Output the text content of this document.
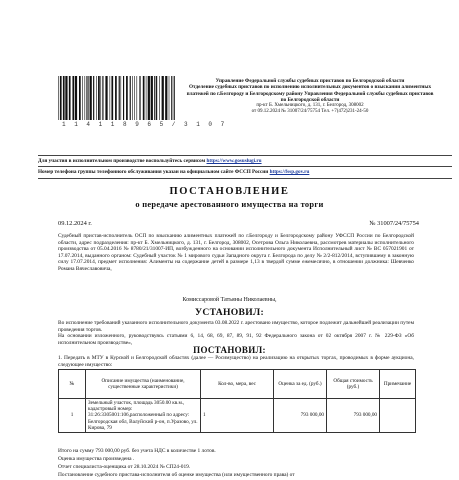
1 1 4 1 1 8 9 6 5 / 3 1 0 7
Управление Федеральной службы судебных приставов по Белгородской области
Отделение судебных приставов по исполнению исполнительных документов о взыскании алиментных платежей по г.Белгороду и Белгородскому району Управления Федеральной службы судебных приставов по Белгородской области
пр-кт Б. Хмельницкого, д. 131, г. Белгород, 308002
от 09.12.2024 № 31007/24/75754 Тел. +7(472)231-24-50
Для участия в исполнительном производстве воспользуйтесь сервисом https://www.gosuslugi.ru
Номер телефона группы телефонного обслуживания указан на официальном сайте ФССП России https://fssp.gov.ru
ПОСТАНОВЛЕНИЕ
о передаче арестованного имущества на торги
09.12.2024 г.	№ 31007/24/75754
Судебный пристав-исполнитель ОСП по взысканию алиментных платежей по г.Белгороду и Белгородскому району УФССП России по Белгородской области, адрес подразделения: пр-кт Б. Хмельницкого, д. 131, г. Белгород, 308002, Осетрова Ольга Николаевна, рассмотрев материалы исполнительного производства от 05.04.2016 № 8780/21/31007-ИП, возбужденного на основании исполнительного документа Исполнительный лист № ВС 057021901 от 17.07.2014, выданного органом: Судебный участок № 1 мирового судьи Западного округа г. Белгорода по делу № 2/2-812/2014, вступившему в законную силу 17.07.2014, предмет исполнения: Алименты на содержание детей в размере 1,13 в твердой сумме ежемесячно, в отношении должника: Шевченко Романа Вячеславовича,
Комиссаровой Татьяны Николаевны,
УСТАНОВИЛ:
Во исполнение требований указанного исполнительного документа 03.08.2022 г. арестовано имущество, которое подлежит дальнейшей реализации путем проведения торгов.
На основании изложенного, руководствуясь статьями 6, 14, 68, 69, 87, 89, 91, 92 Федерального закона от 02 октября 2007 г. № 229-ФЗ «Об исполнительном производстве»,
ПОСТАНОВИЛ:
№	Описание имущества (наименование, существенные характеристики)	Кол-во, мера, вес	Оценка за ед. (руб.)	Общая стоимость (руб.)	Примечание
1	Земельный участок, площадь 3050.00 кв.м., кадастровый номер: 31:26:3305001:106,расположенный по адресу: Белгородская обл, Валуйский р-он, п.Уразово, ул. Кирова, 79	1	793 000,00	793 000,00	
Итого на сумму 793 000,00 руб. без учета НДС в количестве 1 лотов.
Оценка имущества произведена .
Отчет специалиста-оценщика от 28.10.2024 № СП24-019.
Постановление судебного пристава-исполнителя об оценке имущества (или имущественного права) от
1. Передать в МТУ в Курской и Белгородской областях (далее — Росимущество) на реализацию на открытых торгах, проводимых в форме аукциона, следующее имущество:
